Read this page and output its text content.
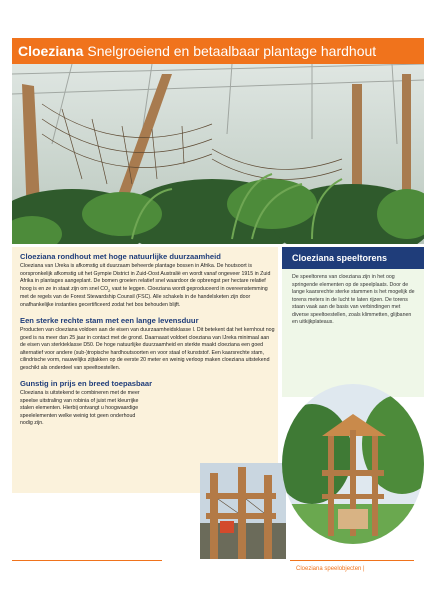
Cloeziana Snelgroeiend en betaalbaar plantage hardhout
Cloeziana rondhout met hoge natuurlijke duurzaamheid

Cloeziana van IJreka is afkomstig uit duurzaam beheerde plantage bossen in Afrika. De houtsoort is oorspronkelijk afkomstig uit het Gympie District in Zuid-Oost Australië en wordt vanaf ongeveer 1915 in Zuid Afrika in plantages aangeplant. De bomen groeien relatief snel waardoor de opbrengst per hectare relatief hoog is en ze in staat zijn om snel $CO_2$ vast te leggen. Cloeziana wordt geproduceerd in overeenstemming met de regels van de Forest Stewardship Counsil (FSC). Alle schakels in de handelsketen zijn door onafhankelijke instanties gecertificeerd zodat het bos behouden blijft.

Een sterke rechte stam met een lange levensduur

Producten van cloeziana voldoen aan de eisen van duurzaamheidsklasse I. Dit betekent dat het kernhout nog goed is na meer dan 25 jaar in contact met de grond. Daarnaast voldoet cloeziana van IJreka minimaal aan de eisen van sterkteklasse D50. De hoge natuurlijke duurzaamheid en sterkte maakt cloeziana een goed alternatief voor andere (sub-)tropische hardhoutsoorten en voor staal of kunststof. Een kaarsrechte stam, cilindrische vorm, nauwelijks zijtakken op de eerste 20 meter en weinig verloop maken cloeziana uitstekend geschikt als onderdeel van speeltoestellen.

Gunstig in prijs en breed toepasbaar

Cloeziana is uitstekend te combineren met de meer speelse uitstraling van robinia of juist met kleurrijke stalen elementen. Hierbij ontvangt u hoogwaardige speelelementen welke weinig tot geen onderhoud nodig zijn.

Cloeziana speeltorens
De speeltorens van cloeziana zijn in het oog springende elementen op de speelplaats. Door de lange kaarsrechte sterke stammen is het mogelijk de torens meters in de lucht te laten rijzen. De torens staan vaak aan de basis van verbindingen met diverse speeltoestellen, zoals klimmetten, glijbanen en uitkijkplateaus.
Cloeziana speelobjecten |
